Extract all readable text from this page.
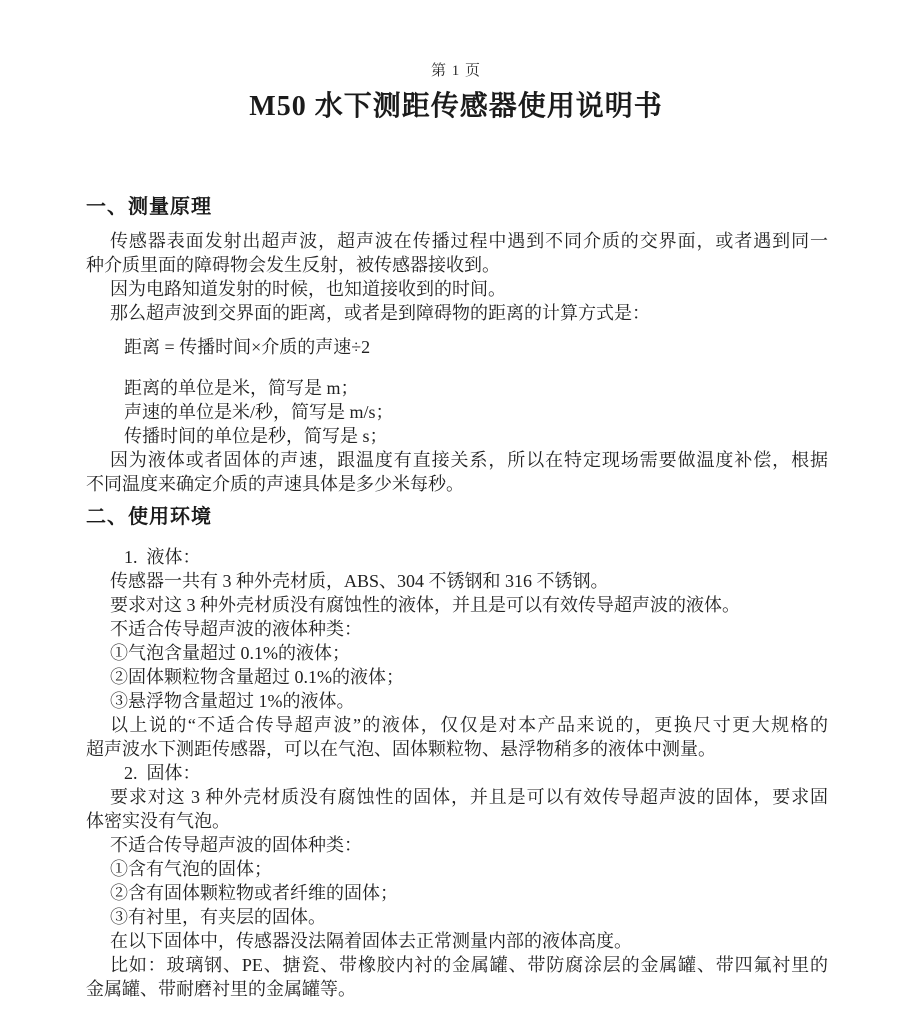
第 1 页
M50 水下测距传感器使用说明书
一、测量原理
传感器表面发射出超声波，超声波在传播过程中遇到不同介质的交界面，或者遇到同一
种介质里面的障碍物会发生反射，被传感器接收到。
因为电路知道发射的时候，也知道接收到的时间。
那么超声波到交界面的距离，或者是到障碍物的距离的计算方式是：
距离 = 传播时间×介质的声速÷2
距离的单位是米，简写是 m；
声速的单位是米/秒，简写是 m/s；
传播时间的单位是秒，简写是 s；
因为液体或者固体的声速，跟温度有直接关系，所以在特定现场需要做温度补偿，根据
不同温度来确定介质的声速具体是多少米每秒。
二、使用环境
1.  液体：
传感器一共有 3 种外壳材质，ABS、304 不锈钢和 316 不锈钢。
要求对这 3 种外壳材质没有腐蚀性的液体，并且是可以有效传导超声波的液体。
不适合传导超声波的液体种类：
①气泡含量超过 0.1%的液体；
②固体颗粒物含量超过 0.1%的液体；
③悬浮物含量超过 1%的液体。
以上说的“不适合传导超声波”的液体，仅仅是对本产品来说的，更换尺寸更大规格的
超声波水下测距传感器，可以在气泡、固体颗粒物、悬浮物稍多的液体中测量。
2.  固体：
要求对这 3 种外壳材质没有腐蚀性的固体，并且是可以有效传导超声波的固体，要求固
体密实没有气泡。
不适合传导超声波的固体种类：
①含有气泡的固体；
②含有固体颗粒物或者纤维的固体；
③有衬里，有夹层的固体。
在以下固体中，传感器没法隔着固体去正常测量内部的液体高度。
比如：玻璃钢、PE、搪瓷、带橡胶内衬的金属罐、带防腐涂层的金属罐、带四氟衬里的
金属罐、带耐磨衬里的金属罐等。
